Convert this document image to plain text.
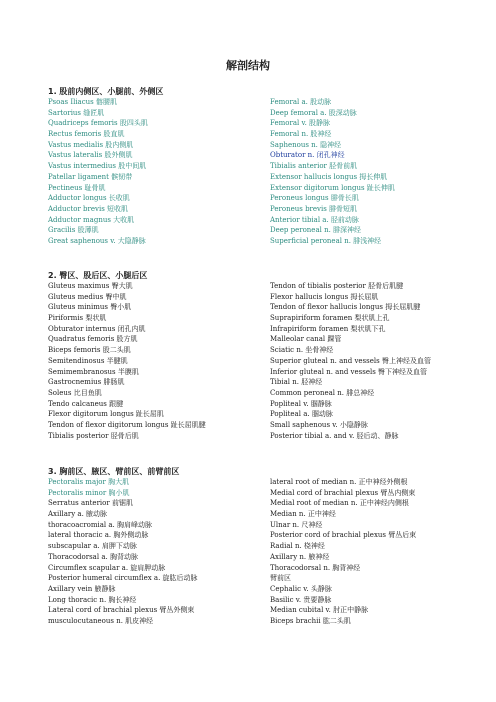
解剖结构
1. 股前内侧区、小腿前、外侧区
Psoas Iliacus 髂腰肌
Sartorius 缝匠肌
Quadriceps femoris 股四头肌
Rectus femoris 股直肌
Vastus medialis 股内侧肌
Vastus lateralis 股外侧肌
Vastus intermedius 股中间肌
Patellar ligament 髌韧带
Pectineus 耻骨肌
Adductor longus 长收肌
Adductor brevis 短收肌
Adductor magnus 大收肌
Gracilis 股薄肌
Great saphenous v. 大隐静脉
Femoral a. 股动脉
Deep femoral a. 股深动脉
Femoral v. 股静脉
Femoral n. 股神经
Saphenous n. 隐神经
Obturator n. 闭孔神经
Tibialis anterior 胫骨前肌
Extensor hallucis longus 拇长伸肌
Extensor digitorum longus 趾长伸肌
Peroneus longus 腓骨长肌
Peroneus brevis 腓骨短肌
Anterior tibial a. 胫前动脉
Deep peroneal n. 腓深神经
Superficial peroneal n. 腓浅神经
2. 臀区、股后区、小腿后区
Gluteus maximus 臀大肌
Gluteus medius 臀中肌
Gluteus minimus 臀小肌
Piriformis 梨状肌
Obturator internus 闭孔内肌
Quadratus femoris 股方肌
Biceps femoris 股二头肌
Semitendinosus 半腱肌
Semimembranosus 半膜肌
Gastrocnemius 腓肠肌
Soleus 比目鱼肌
Tendo calcaneus 跟腱
Flexor digitorum longus 趾长屈肌
Tendon of flexor digitorum longus 趾长屈肌腱
Tibialis posterior 胫骨后肌
Tendon of tibialis posterior 胫骨后肌腱
Flexor hallucis longus 拇长屈肌
Tendon of flexor hallucis longus 拇长屈肌腱
Suprapiriform foramen 梨状肌上孔
Infrapiriform foramen 梨状肌下孔
Malleolar canal 踝管
Sciatic n. 坐骨神经
Superior gluteal n. and vessels 臀上神经及血管
Inferior gluteal n. and vessels 臀下神经及血管
Tibial n. 胫神经
Common peroneal n. 腓总神经
Popliteal v. 腘静脉
Popliteal a. 腘动脉
Small saphenous v. 小隐静脉
Posterior tibial a. and v. 胫后动、静脉
3. 胸前区、腋区、臂前区、前臂前区
Pectoralis major 胸大肌
Pectoralis minor 胸小肌
Serratus anterior 前锯肌
Axillary a. 腋动脉
thoracoacromial a. 胸肩峰动脉
lateral thoracic a. 胸外侧动脉
subscapular a. 肩胛下动脉
Thoracodorsal a. 胸背动脉
Circumflex scapular a. 旋肩胛动脉
Posterior humeral circumflex a. 旋肱后动脉
Axillary vein 腋静脉
Long thoracic n. 胸长神经
Lateral cord of brachial plexus 臂丛外侧束
musculocutaneous n. 肌皮神经
lateral root of median n. 正中神经外侧根
Medial cord of brachial plexus 臂丛内侧束
Medial root of median n. 正中神经内侧根
Median n. 正中神经
Ulnar n. 尺神经
Posterior cord of brachial plexus 臂丛后束
Radial n. 桡神经
Axillary n. 腋神经
Thoracodorsal n. 胸背神经
臂前区
Cephalic v. 头静脉
Basilic v. 贵要静脉
Median cubital v. 肘正中静脉
Biceps brachii 肱二头肌
